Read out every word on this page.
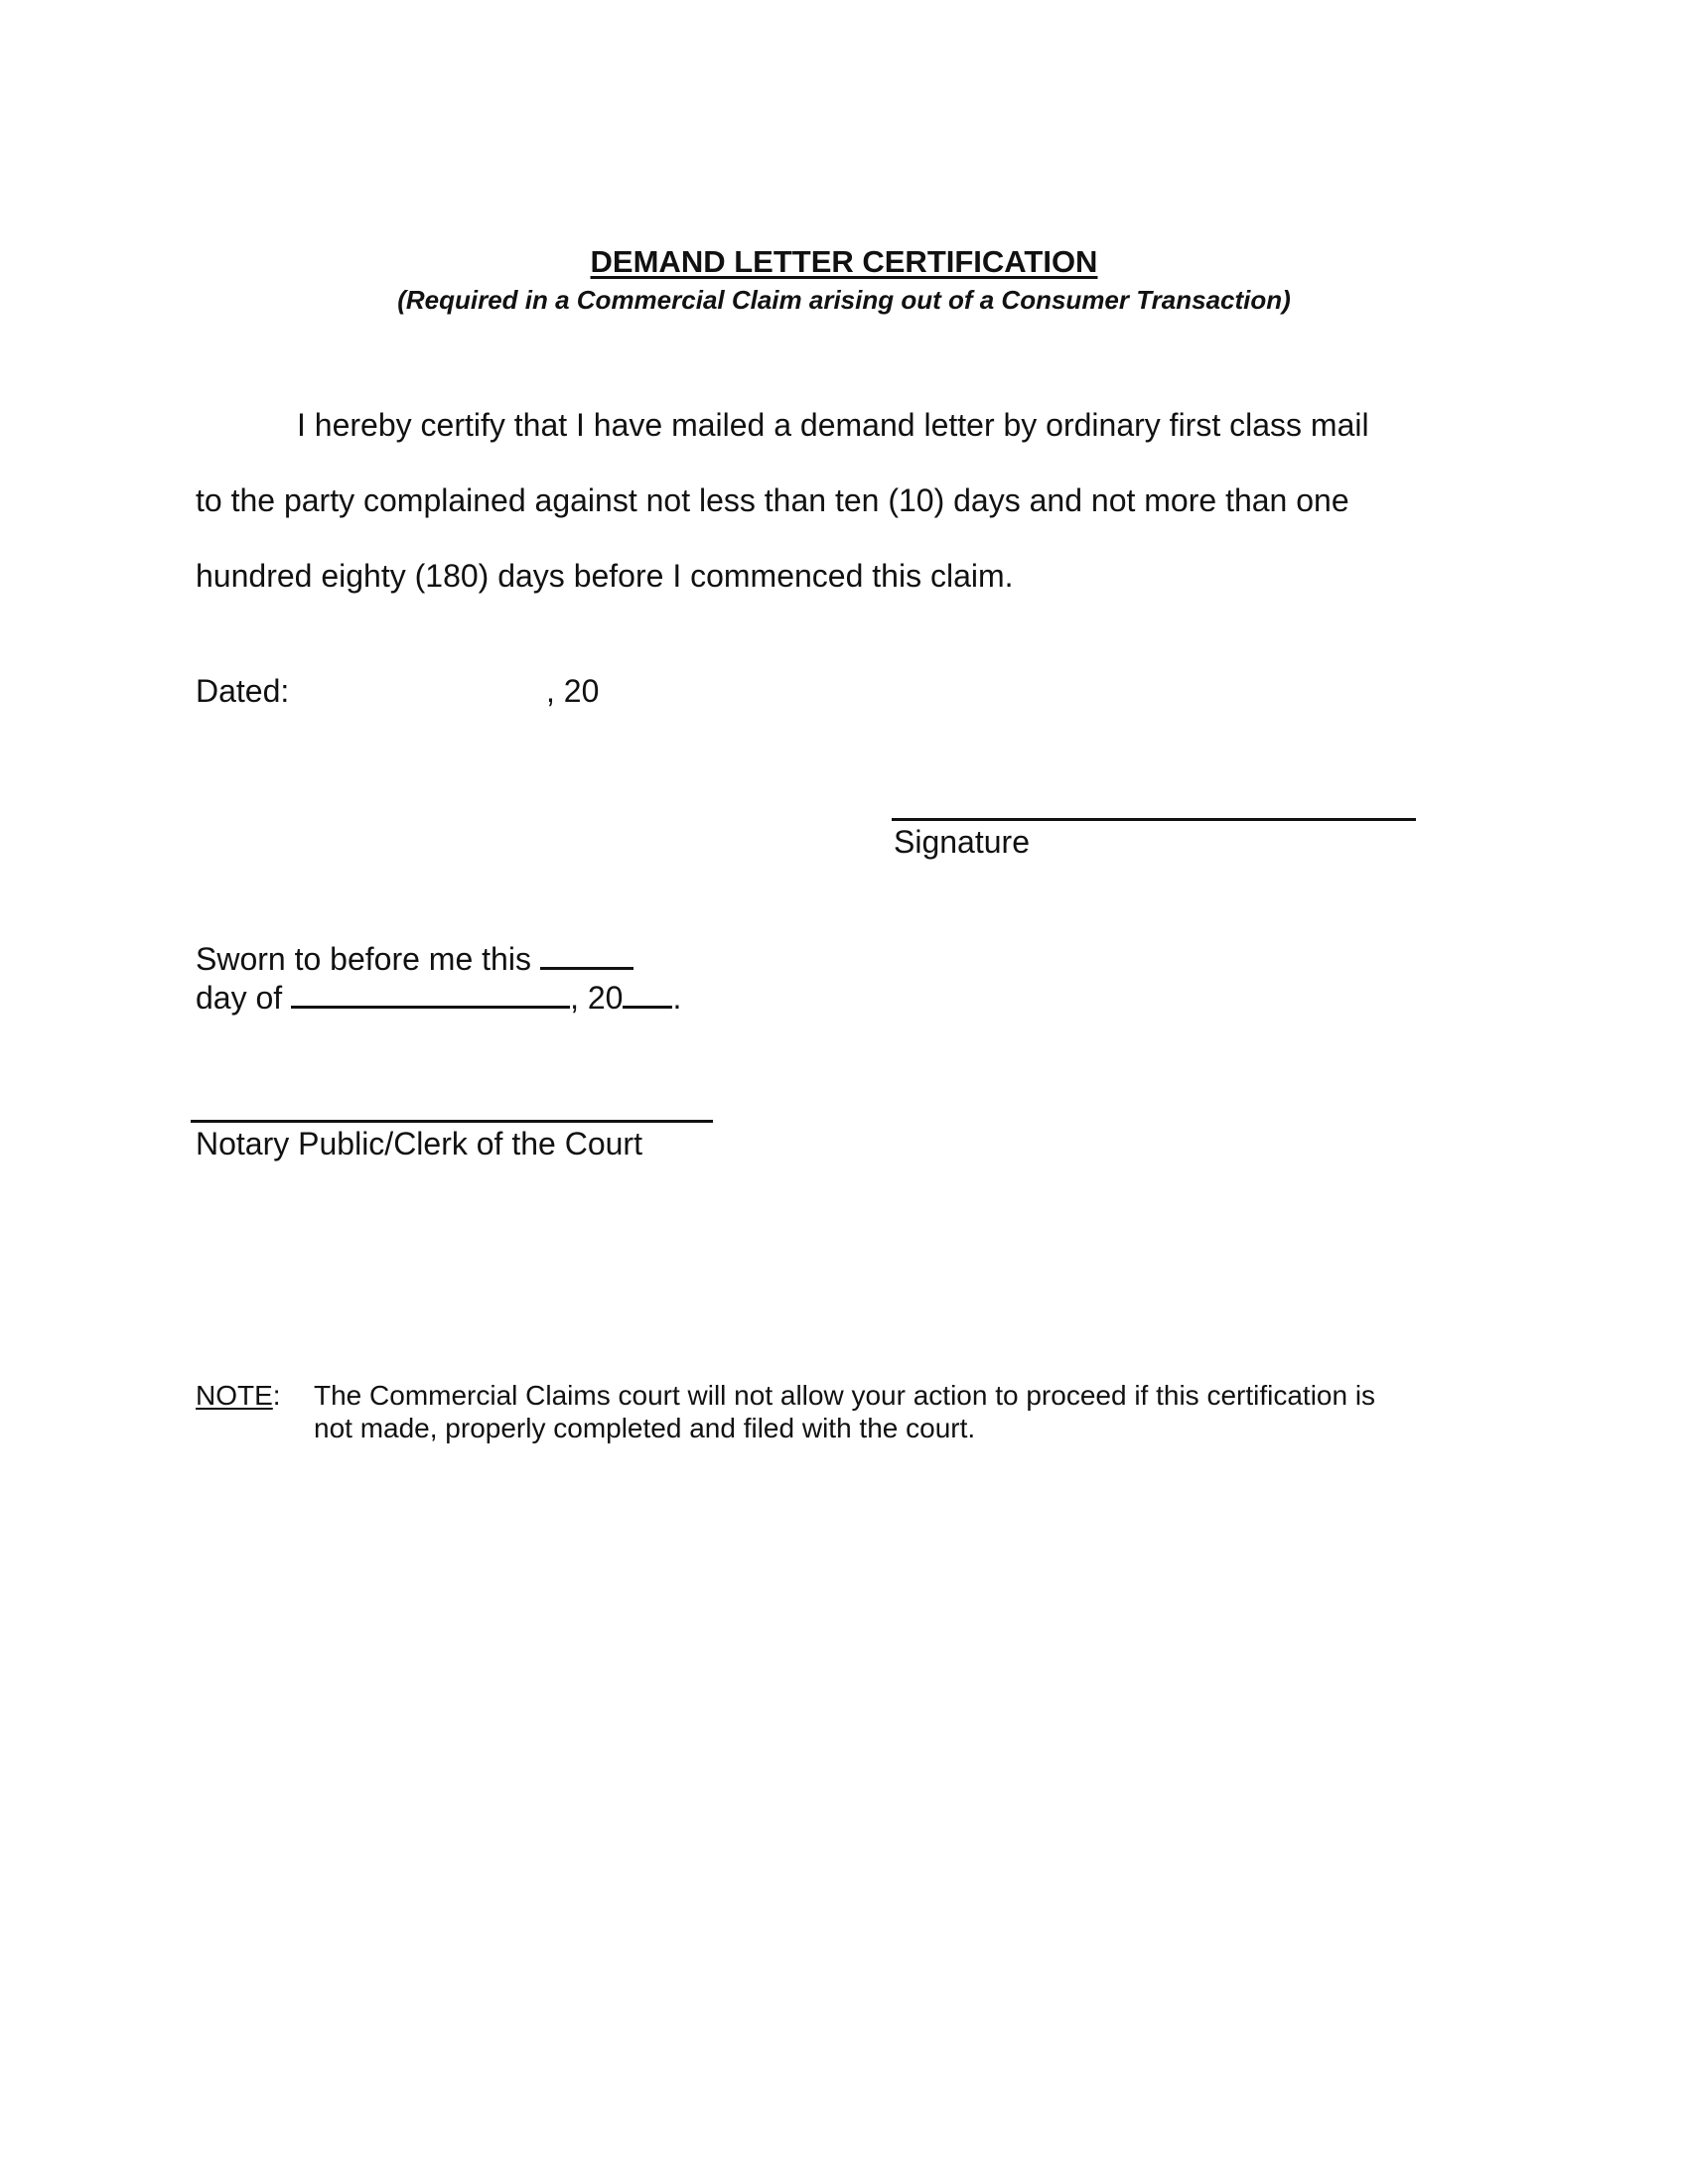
DEMAND LETTER CERTIFICATION
(Required in a Commercial Claim arising out of a Consumer Transaction)
I hereby certify that I have mailed a demand letter by ordinary first class mail
to the party complained against not less than ten (10) days and not more than one
hundred eighty (180) days before I commenced this claim.
Dated:	, 20
Signature
Sworn to before me this
day of	, 20 .
Notary Public/Clerk of the Court
NOTE: The Commercial Claims court will not allow your action to proceed if this certification is
not made, properly completed and filed with the court.
